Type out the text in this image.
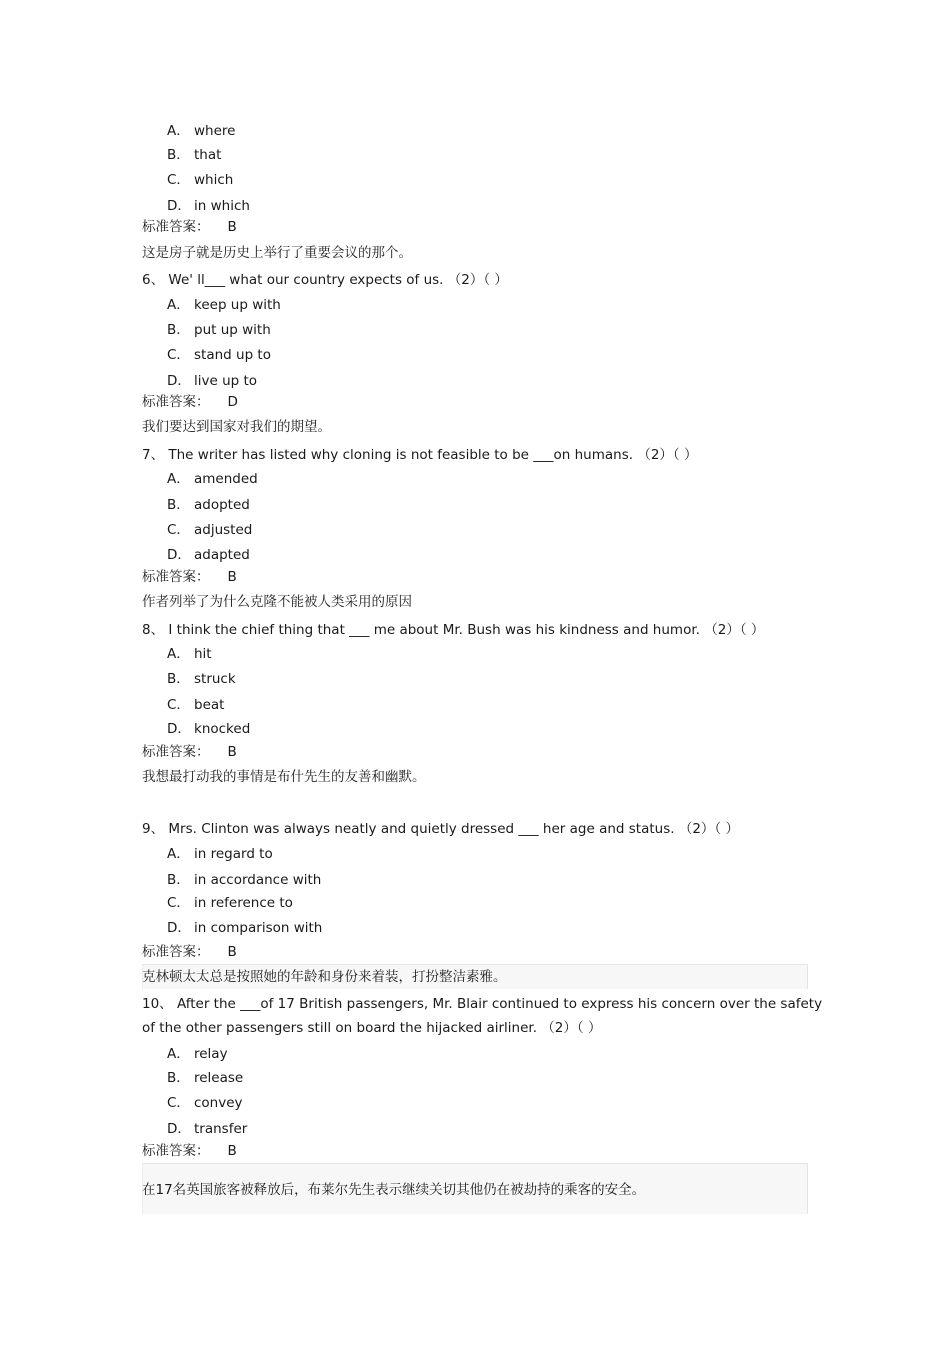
A． where
B． that
C． which
D． in which
标准答案： B
这是房子就是历史上举行了重要会议的那个。
6、 We' ll___ what our country expects of us. （2）（ ）
A． keep up with
B． put up with
C． stand up to
D． live up to
标准答案： D
我们要达到国家对我们的期望。
7、 The writer has listed why cloning is not feasible to be ___on humans. （2）（ ）
A． amended
B． adopted
C． adjusted
D． adapted
标准答案： B
作者列举了为什么克隆不能被人类采用的原因
8、 I think the chief thing that ___ me about Mr. Bush was his kindness and humor. （2）（ ）
A． hit
B． struck
C． beat
D． knocked
标准答案： B
我想最打动我的事情是布什先生的友善和幽默。
9、 Mrs. Clinton was always neatly and quietly dressed ___ her age and status. （2）（ ）
A． in regard to
B． in accordance with
C． in reference to
D． in comparison with
标准答案： B
克林顿太太总是按照她的年龄和身份来着装，打扮整洁素雅。
10、 After the ___of 17 British passengers, Mr. Blair continued to express his concern over the safety
of the other passengers still on board the hijacked airliner. （2）（ ）
A． relay
B． release
C． convey
D． transfer
标准答案： B
在17名英国旅客被释放后，布莱尔先生表示继续关切其他仍在被劫持的乘客的安全。
